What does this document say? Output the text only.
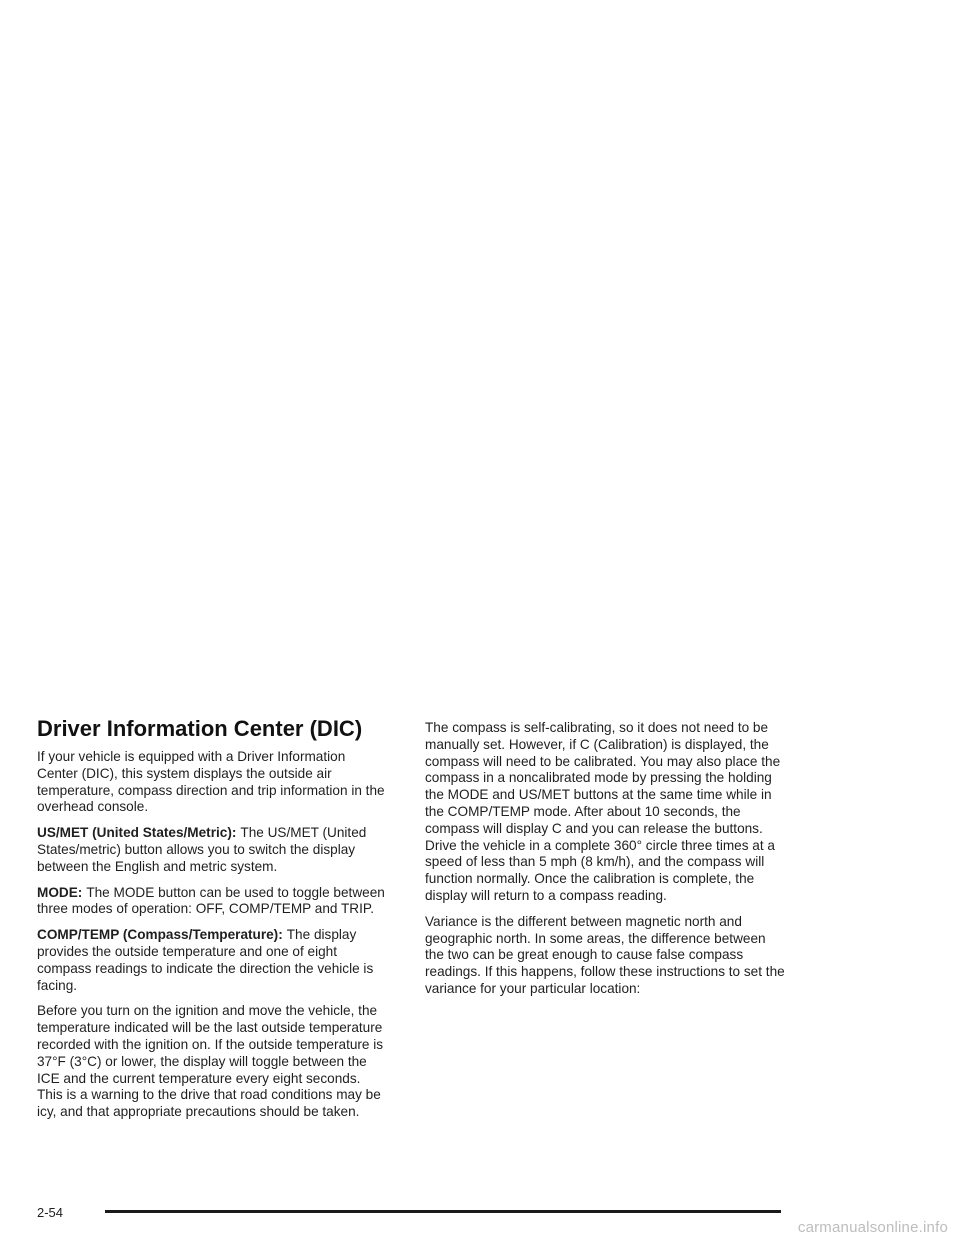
Driver Information Center (DIC)

If your vehicle is equipped with a Driver Information Center (DIC), this system displays the outside air temperature, compass direction and trip information in the overhead console.

US/MET (United States/Metric): The US/MET (United States/metric) button allows you to switch the display between the English and metric system.

MODE: The MODE button can be used to toggle between three modes of operation: OFF, COMP/TEMP and TRIP.

COMP/TEMP (Compass/Temperature): The display provides the outside temperature and one of eight compass readings to indicate the direction the vehicle is facing.

Before you turn on the ignition and move the vehicle, the temperature indicated will be the last outside temperature recorded with the ignition on. If the outside temperature is 37°F (3°C) or lower, the display will toggle between the ICE and the current temperature every eight seconds. This is a warning to the drive that road conditions may be icy, and that appropriate precautions should be taken.

The compass is self-calibrating, so it does not need to be manually set. However, if C (Calibration) is displayed, the compass will need to be calibrated. You may also place the compass in a noncalibrated mode by pressing the holding the MODE and US/MET buttons at the same time while in the COMP/TEMP mode. After about 10 seconds, the compass will display C and you can release the buttons. Drive the vehicle in a complete 360° circle three times at a speed of less than 5 mph (8 km/h), and the compass will function normally. Once the calibration is complete, the display will return to a compass reading.

Variance is the different between magnetic north and geographic north. In some areas, the difference between the two can be great enough to cause false compass readings. If this happens, follow these instructions to set the variance for your particular location:

2-54
carmanualsonline.info
